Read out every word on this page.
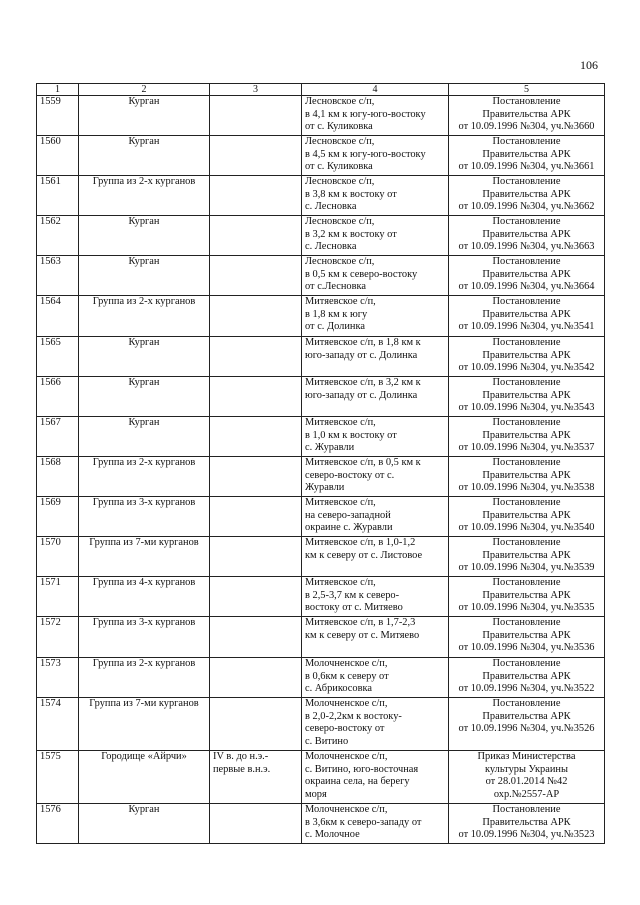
106
1	2	3	4	5
1559	Курган		Лесновское с/п,
в 4,1 км к югу-юго-востоку
от с. Куликовка	Постановление
Правительства АРК
от 10.09.1996 №304, уч.№3660
1560	Курган		Лесновское с/п,
в 4,5 км к югу-юго-востоку
от с. Куликовка	Постановление
Правительства АРК
от 10.09.1996 №304, уч.№3661
1561	Группа из 2-х курганов		Лесновское с/п,
в 3,8 км к востоку от
с. Лесновка	Постановление
Правительства АРК
от 10.09.1996 №304, уч.№3662
1562	Курган		Лесновское с/п,
в 3,2 км к востоку от
с. Лесновка	Постановление
Правительства АРК
от 10.09.1996 №304, уч.№3663
1563	Курган		Лесновское с/п,
в 0,5 км к северо-востоку
от с.Лесновка	Постановление
Правительства АРК
от 10.09.1996 №304, уч.№3664
1564	Группа из 2-х курганов		Митяевское с/п,
в 1,8 км к югу
от с. Долинка	Постановление
Правительства АРК
от 10.09.1996 №304, уч.№3541
1565	Курган		Митяевское с/п, в 1,8 км к
юго-западу от с. Долинка	Постановление
Правительства АРК
от 10.09.1996 №304, уч.№3542
1566	Курган		Митяевское с/п, в 3,2 км к
юго-западу от с. Долинка	Постановление
Правительства АРК
от 10.09.1996 №304, уч.№3543
1567	Курган		Митяевское с/п,
в 1,0 км к востоку от
с. Журавли	Постановление
Правительства АРК
от 10.09.1996 №304, уч.№3537
1568	Группа из 2-х курганов		Митяевское с/п, в 0,5 км к
северо-востоку от с.
Журавли	Постановление
Правительства АРК
от 10.09.1996 №304, уч.№3538
1569	Группа из 3-х курганов		Митяевское с/п,
на северо-западной
окраине с. Журавли	Постановление
Правительства АРК
от 10.09.1996 №304, уч.№3540
1570	Группа из 7-ми курганов		Митяевское с/п, в 1,0-1,2
км к северу от с. Листовое	Постановление
Правительства АРК
от 10.09.1996 №304, уч.№3539
1571	Группа из 4-х курганов		Митяевское с/п,
в 2,5-3,7 км к северо-
востоку от с. Митяево	Постановление
Правительства АРК
от 10.09.1996 №304, уч.№3535
1572	Группа из 3-х курганов		Митяевское с/п, в 1,7-2,3
км к северу от с. Митяево	Постановление
Правительства АРК
от 10.09.1996 №304, уч.№3536
1573	Группа из 2-х курганов		Молочненское с/п,
в 0,6км к северу от
с. Абрикосовка	Постановление
Правительства АРК
от 10.09.1996 №304, уч.№3522
1574	Группа из 7-ми курганов		Молочненское с/п,
в 2,0-2,2км к востоку-
северо-востоку от
с. Витино	Постановление
Правительства АРК
от 10.09.1996 №304, уч.№3526
1575	Городище «Айрчи»	IV в. до н.э.- первые в.н.э.	Молочненское с/п,
с. Витино, юго-восточная
окраина села, на берегу
моря	Приказ Министерства
культуры Украины
от 28.01.2014 №42
охр.№2557-АР
1576	Курган		Молочненское с/п,
в 3,6км к северо-западу от
с. Молочное	Постановление
Правительства АРК
от 10.09.1996 №304, уч.№3523
